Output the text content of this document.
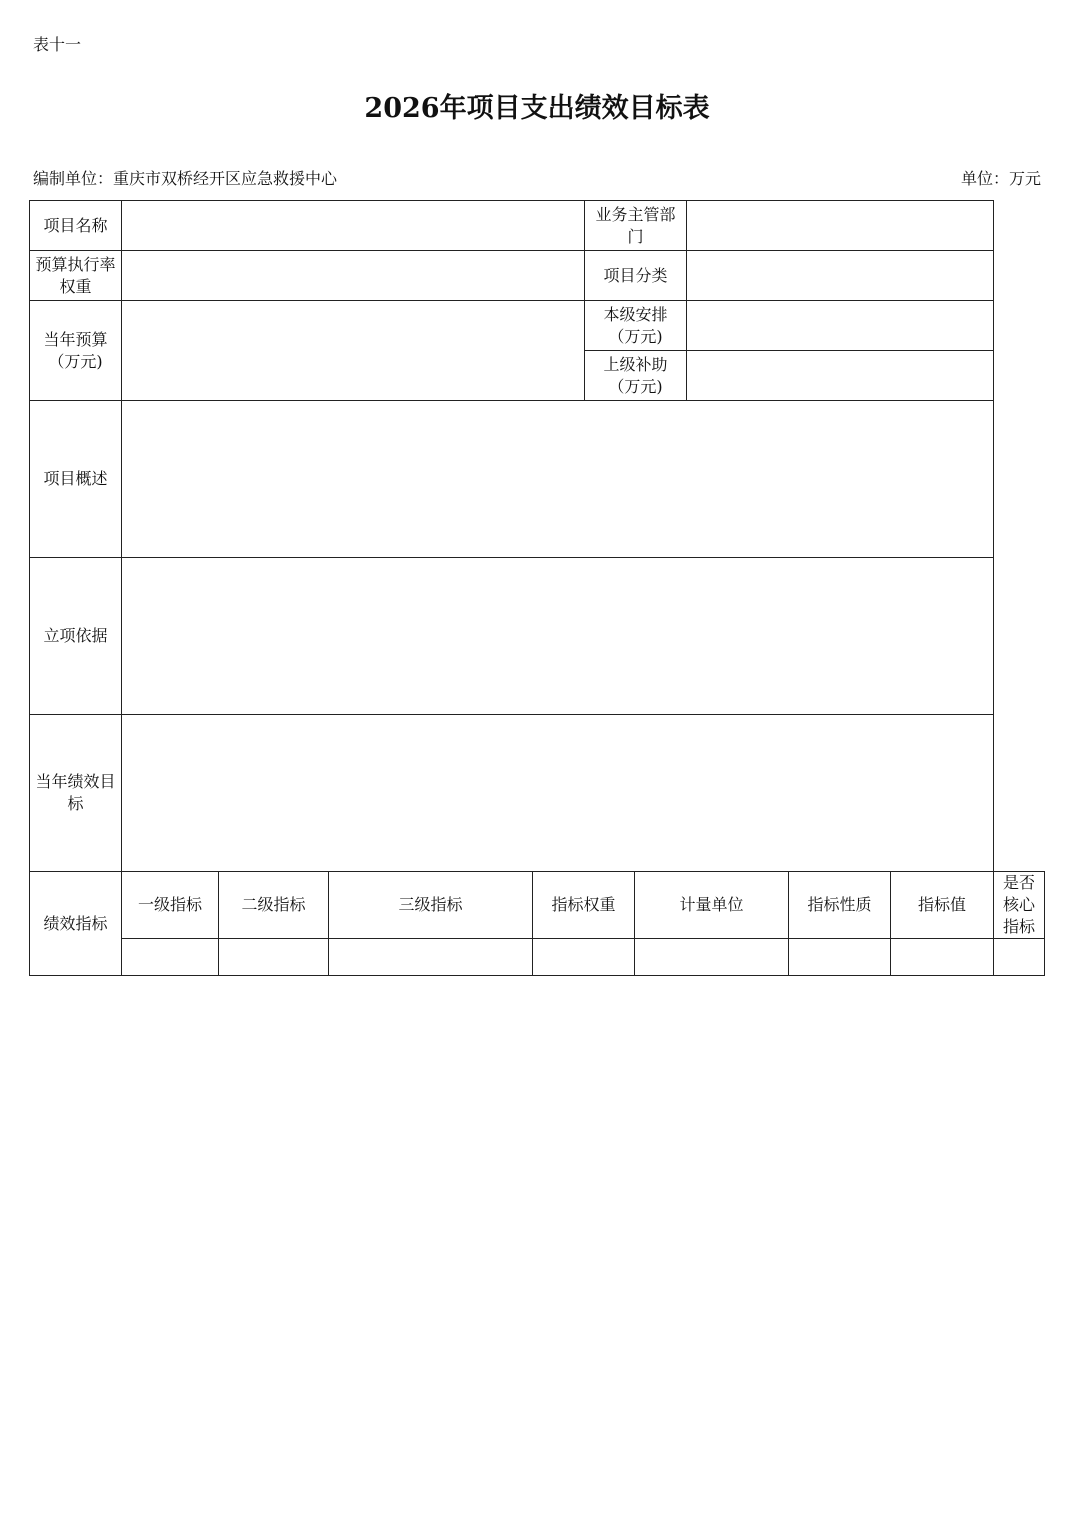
表十一
2026年项目支出绩效目标表
编制单位：重庆市双桥经开区应急救援中心	单位：万元
项目名称					业务主管部门					
预算执行率权重					项目分类					
当年预算（万元)					本级安排（万元)					
					上级补助（万元)					
项目概述										
立项依据										
当年绩效目标										
绩效指标	一级指标	二级指标	三级指标	指标权重		计量单位		指标性质	指标值	是否核心指标
